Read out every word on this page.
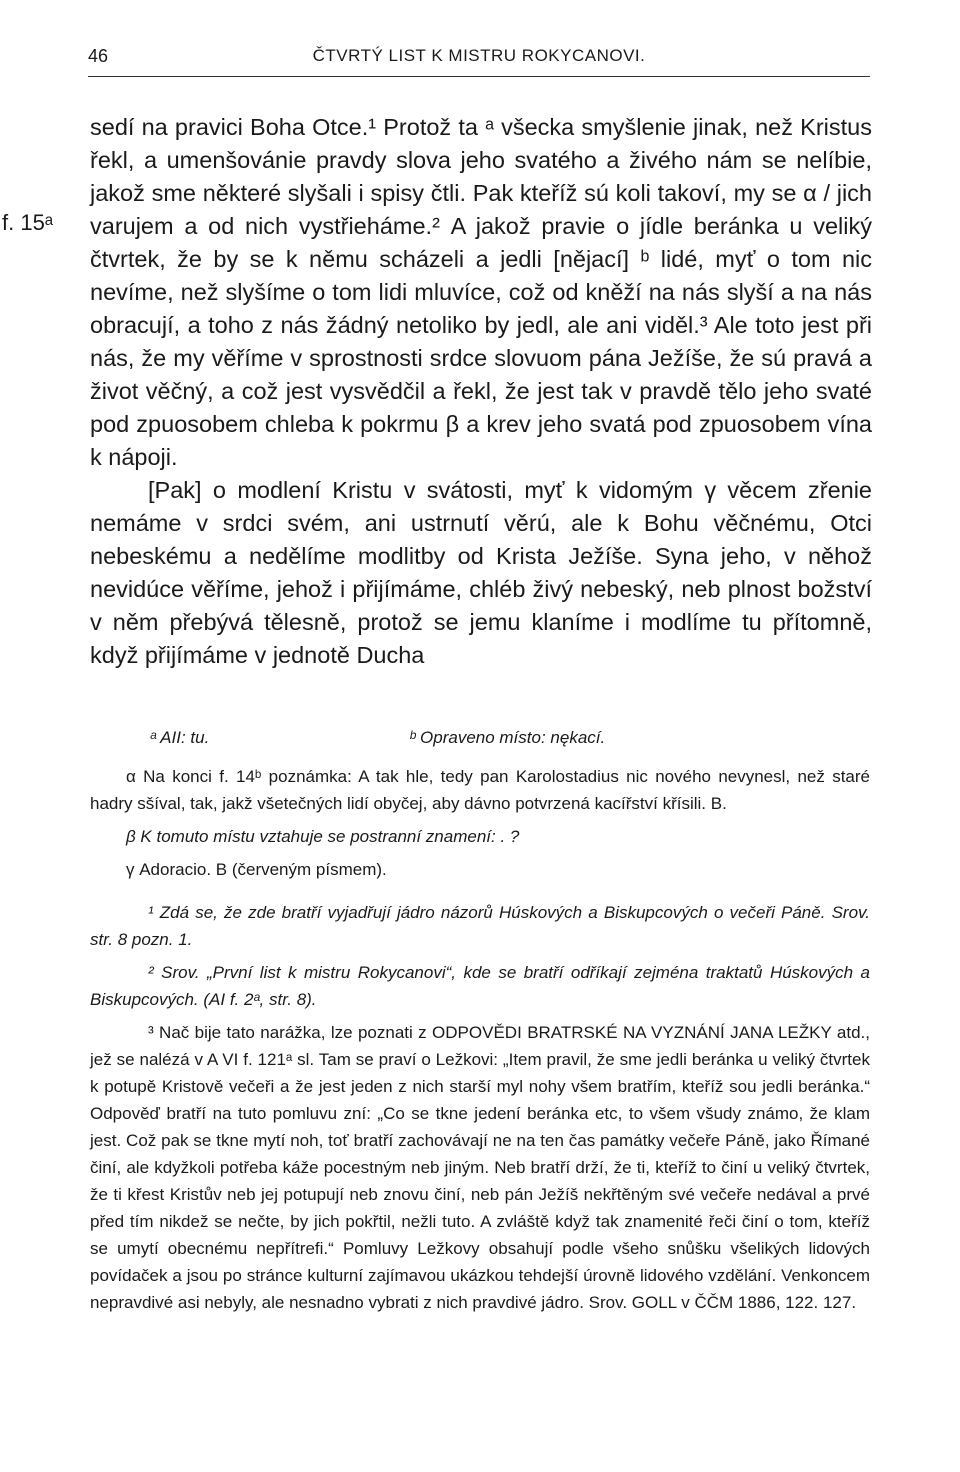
46	ČTVRTÝ LIST K MISTRU ROKYCANOVI.
f. 15ᵃ

sedí na pravici Boha Otce.¹ Protož ta ᵃ všecka smyšlenie jinak, než Kristus řekl, a umenšovánie pravdy slova jeho svatého a živého nám se nelíbie, jakož sme některé slyšali i spisy čtli. Pak kteříž sú koli takoví, my se α / jich varujem a od nich vystřiehámе.² A jakož pravie o jídle beránka u veliký čtvrtek, že by se k němu scházeli a jedli [nějací] ᵇ lidé, myť o tom nic nevíme, než slyšíme o tom lidi mluvíce, což od kněží na nás slyší a na nás obracují, a toho z nás žádný netoliko by jedl, ale ani viděl.³ Ale toto jest při nás, že my věříme v sprostnosti srdce slovuom pána Ježíše, že sú pravá a život věčný, a což jest vysvědčil a řekl, že jest tak v pravdě tělo jeho svaté pod zpuosobem chleba k pokrmu β a krev jeho svatá pod zpuosobem vína k nápoji.

[Pak] o modlení Kristu v svátosti, myť k vidomým γ věcem zřenie nemáme v srdci svém, ani ustrnutí věrú, ale k Bohu věčnému, Otci nebeskému a nedělíme modlitby od Krista Ježíše. Syna jeho, v něhož nevidúce věříme, jehož i přijímáme, chléb živý nebeský, neb plnost božství v něm přebývá tělesně, protož se jemu klaníme i modlíme tu přítomně, když přijímáme v jednotě Ducha

ᵃ AII: tu.	ᵇ Opraveno místo: nękací.

α Na konci f. 14ᵇ poznámka: A tak hle, tedy pan Karolostadius nic nového nevynesl, než staré hadry sšíval, tak, jakž všetečných lidí obyčej, aby dávno potvrzená kacířství křísili. B.

β K tomuto místu vztahuje se postranní znamení: . ?

γ Adoracio. B (červeným písmem).

¹ Zdá se, že zde bratří vyjadřují jádro názorů Húskových a Biskupcových o večeři Páně. Srov. str. 8 pozn. 1.

² Srov. „První list k mistru Rokycanovi“, kde se bratří odříkají zejména traktatů Húskových a Biskupcových. (AI f. 2ᵃ, str. 8).

³ Nač bije tato narážka, lze poznati z ODPOVĚDI BRATRSKÉ NA VYZNÁNÍ JANA LEŽKY atd., jež se nalézá v A VI f. 121ᵃ sl. Tam se praví o Ležkovi: „Item pravil, že sme jedli beránka u veliký čtvrtek k potupě Kristově večeři a že jest jeden z nich starší myl nohy všem bratřím, kteříž sou jedli beránka.“ Odpověď bratří na tuto pomluvu zní: „Co se tkne jedení beránka etc, to všem všudy známo, že klam jest. Což pak se tkne mytí noh, toť bratří zachovávají ne na ten čas památky večeře Páně, jako Římané činí, ale kdyžkoli potřeba káže pocestným neb jiným. Neb bratří drží, že ti, kteříž to činí u veliký čtvrtek, že ti křest Kristův neb jej potupují neb znovu činí, neb pán Ježíš nekřtěným své večeře nedával a prvé před tím nikdež se nečte, by jich pokřtil, nežli tuto. A zvláště když tak znamenité řeči činí o tom, kteříž se umytí obecnému nepřítrefi.“ Pomluvy Ležkovy obsahují podle všeho snůšku všelikých lidových povídaček a jsou po stránce kulturní zajímavou ukázkou tehdejší úrovně lidového vzdělání. Venkoncem nepravdivé asi nebyly, ale nesnadno vybrati z nich pravdivé jádro. Srov. GOLL v ČČM 1886, 122. 127.
